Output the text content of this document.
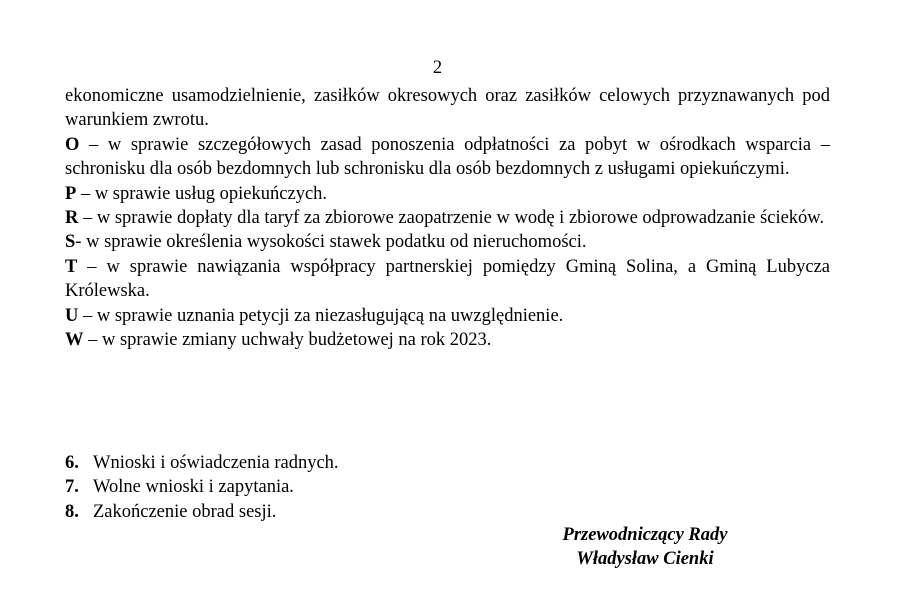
2

ekonomiczne usamodzielnienie, zasiłków okresowych oraz zasiłków celowych przyznawanych pod warunkiem zwrotu.

O – w sprawie szczegółowych zasad ponoszenia odpłatności za pobyt w ośrodkach wsparcia – schronisku dla osób bezdomnych lub schronisku dla osób bezdomnych z usługami opiekuńczymi.

P – w sprawie usług opiekuńczych.

R – w sprawie dopłaty dla taryf za zbiorowe zaopatrzenie w wodę i zbiorowe odprowadzanie ścieków.

S- w sprawie określenia wysokości stawek podatku od nieruchomości.

T – w sprawie nawiązania współpracy partnerskiej pomiędzy Gminą Solina, a Gminą Lubycza Królewska.

U – w sprawie uznania petycji za niezasługującą na uwzględnienie.

W – w sprawie zmiany uchwały budżetowej na rok 2023.

6. Wnioski i oświadczenia radnych.

7. Wolne wnioski i zapytania.

8. Zakończenie obrad sesji.

Przewodniczący Rady
Władysław Cienki
